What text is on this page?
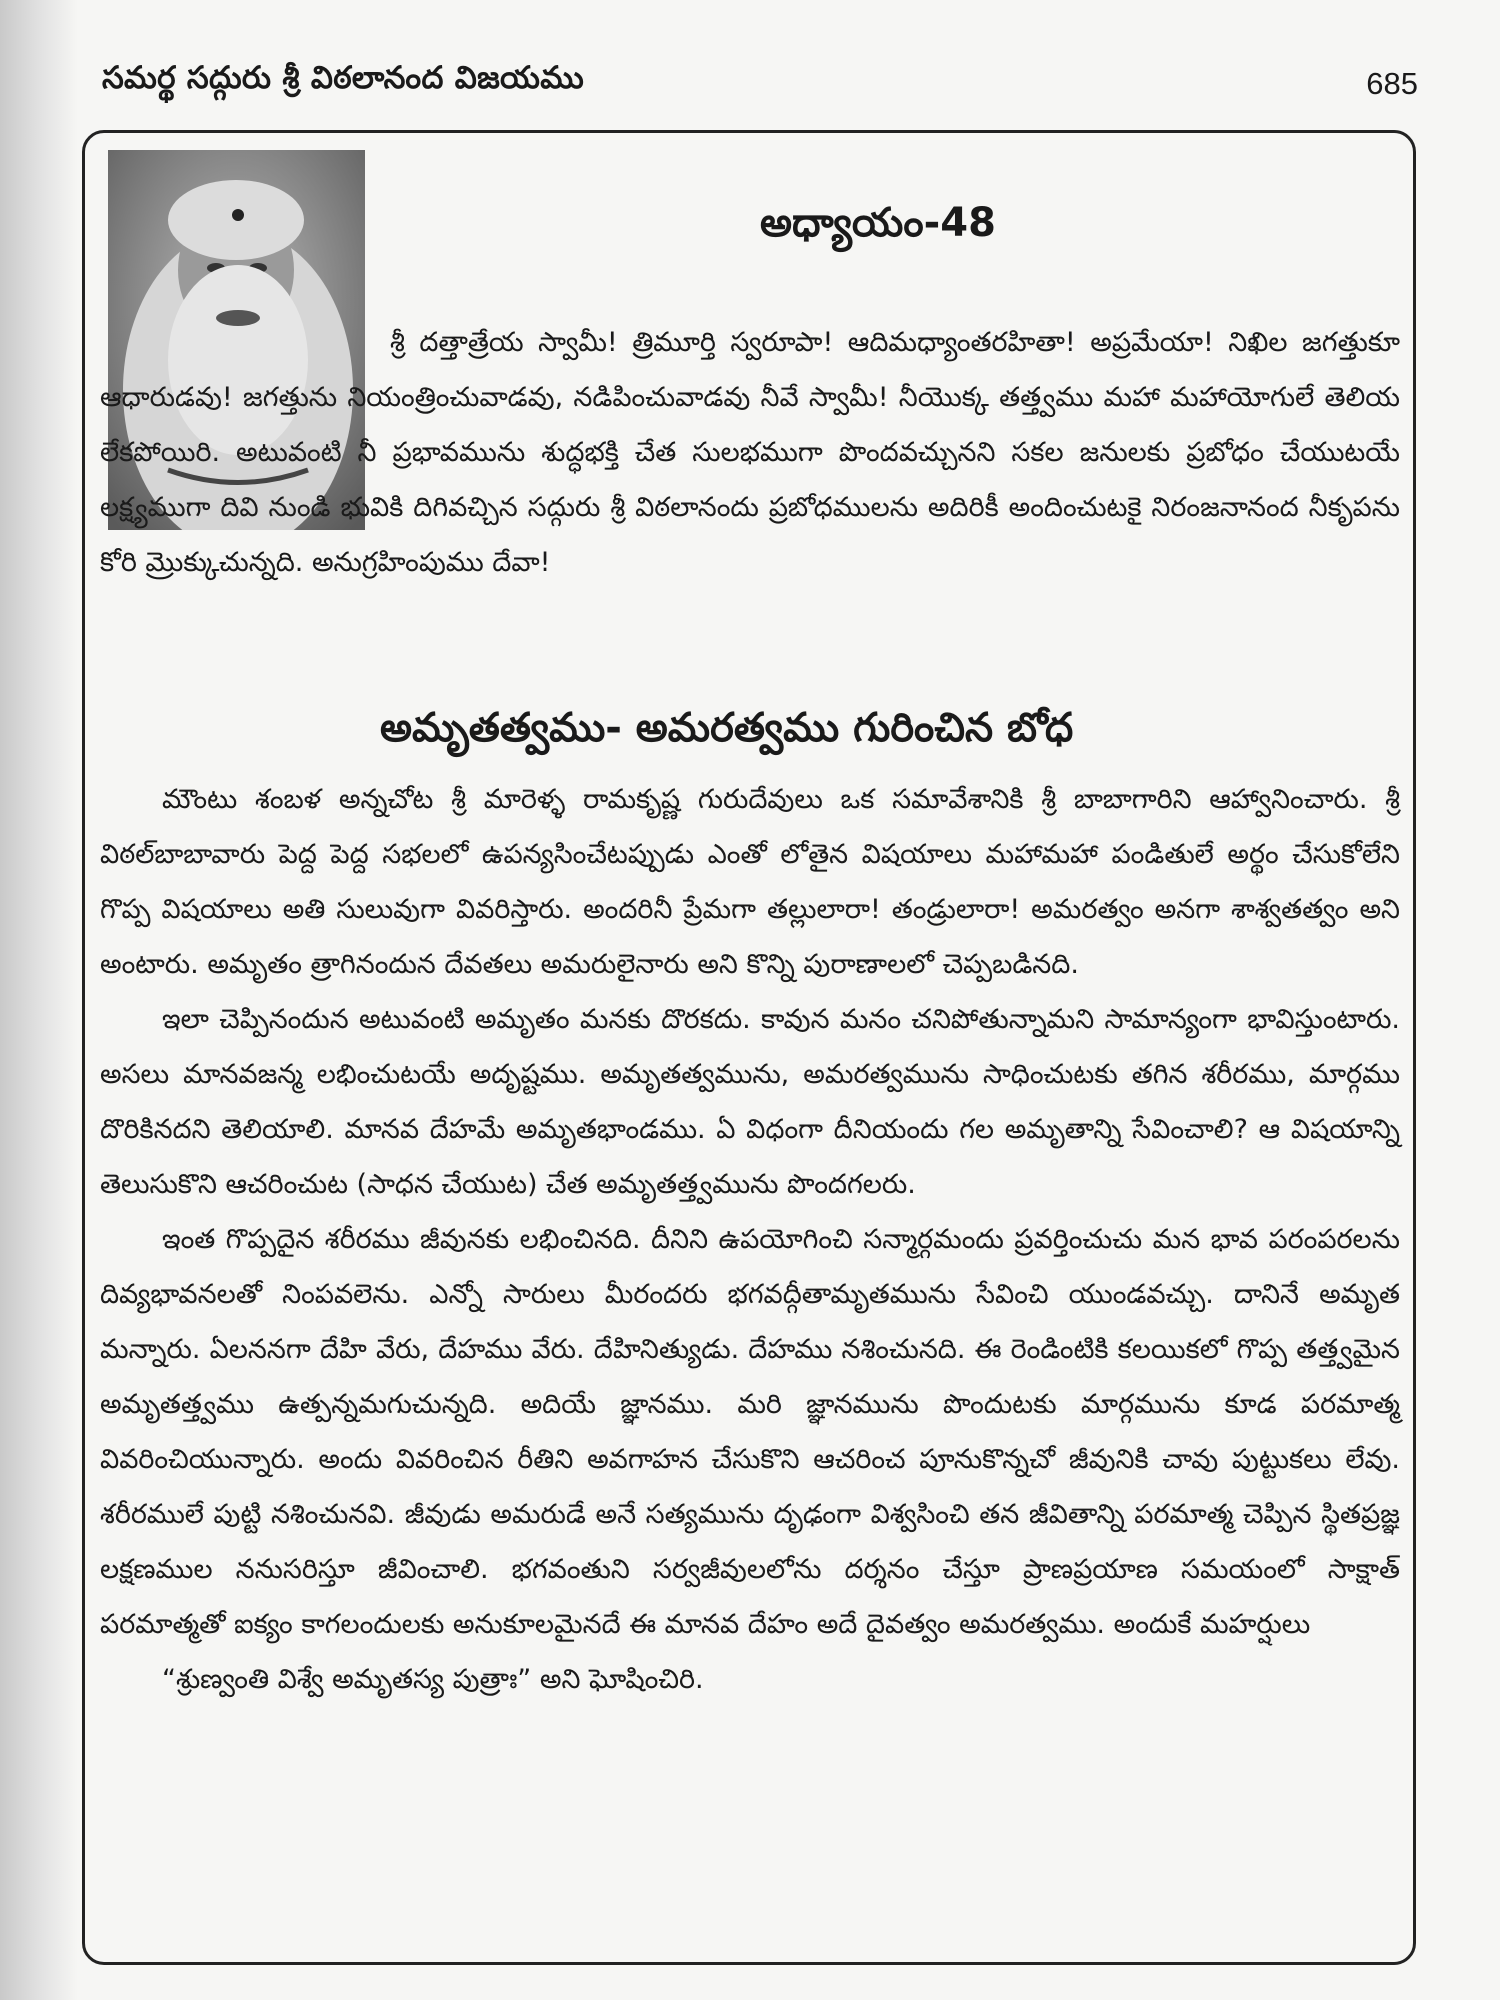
సమర్థ సద్గురు శ్రీ విఠలానంద విజయము	685
అధ్యాయం-48

శ్రీ దత్తాత్రేయ స్వామీ! త్రిమూర్తి స్వరూపా! ఆదిమధ్యాంతరహితా! అప్రమేయా! నిఖిల జగత్తుకూ ఆధారుడవు! జగత్తును నియంత్రించువాడవు, నడిపించువాడవు నీవే స్వామీ! నీయొక్క తత్త్వము మహా మహాయోగులే తెలియ లేకపోయిరి. అటువంటి నీ ప్రభావమును శుద్ధభక్తి చేత సులభముగా పొందవచ్చునని సకల జనులకు ప్రబోధం చేయుటయే లక్ష్యముగా దివి నుండి భువికి దిగివచ్చిన సద్గురు శ్రీ విఠలానందు ప్రబోధములను అదిరికీ అందించుటకై నిరంజనానంద నీకృపను కోరి మ్రొక్కుచున్నది. అనుగ్రహింపుము దేవా!

అమృతత్వము- అమరత్వము గురించిన బోధ

మౌంటు శంబళ అన్నచోట శ్రీ మారెళ్ళ రామకృష్ణ గురుదేవులు ఒక సమావేశానికి శ్రీ బాబాగారిని ఆహ్వానించారు. శ్రీ విఠల్‌బాబావారు పెద్ద పెద్ద సభలలో ఉపన్యసించేటప్పుడు ఎంతో లోతైన విషయాలు మహామహా పండితులే అర్థం చేసుకోలేని గొప్ప విషయాలు అతి సులువుగా వివరిస్తారు. అందరినీ ప్రేమగా తల్లులారా! తండ్రులారా! అమరత్వం అనగా శాశ్వతత్వం అని అంటారు. అమృతం త్రాగినందున దేవతలు అమరులైనారు అని కొన్ని పురాణాలలో చెప్పబడినది.

ఇలా చెప్పినందున అటువంటి అమృతం మనకు దొరకదు. కావున మనం చనిపోతున్నామని సామాన్యంగా భావిస్తుంటారు. అసలు మానవజన్మ లభించుటయే అదృష్టము. అమృతత్వమును, అమరత్వమును సాధించుటకు తగిన శరీరము, మార్గము దొరికినదని తెలియాలి. మానవ దేహమే అమృతభాండము. ఏ విధంగా దీనియందు గల అమృతాన్ని సేవించాలి? ఆ విషయాన్ని తెలుసుకొని ఆచరించుట (సాధన చేయుట) చేత అమృతత్త్వమును పొందగలరు.

ఇంత గొప్పదైన శరీరము జీవునకు లభించినది. దీనిని ఉపయోగించి సన్మార్గమందు ప్రవర్తించుచు మన భావ పరంపరలను దివ్యభావనలతో నింపవలెను. ఎన్నో సారులు మీరందరు భగవద్గీతామృతమును సేవించి యుండవచ్చు. దానినే అమృత మన్నారు. ఏలననగా దేహి వేరు, దేహము వేరు. దేహినిత్యుడు. దేహము నశించునది. ఈ రెండింటికి కలయికలో గొప్ప తత్త్వమైన అమృతత్త్వము ఉత్పన్నమగుచున్నది. అదియే జ్ఞానము. మరి జ్ఞానమును పొందుటకు మార్గమును కూడ పరమాత్మ వివరించియున్నారు. అందు వివరించిన రీతిని అవగాహన చేసుకొని ఆచరించ పూనుకొన్నచో జీవునికి చావు పుట్టుకలు లేవు. శరీరములే పుట్టి నశించునవి. జీవుడు అమరుడే అనే సత్యమును దృఢంగా విశ్వసించి తన జీవితాన్ని పరమాత్మ చెప్పిన స్థితప్రజ్ఞ లక్షణముల ననుసరిస్తూ జీవించాలి. భగవంతుని సర్వజీవులలోను దర్శనం చేస్తూ ప్రాణప్రయాణ సమయంలో సాక్షాత్ పరమాత్మతో ఐక్యం కాగలందులకు అనుకూలమైనదే ఈ మానవ దేహం అదే దైవత్వం అమరత్వము. అందుకే మహర్షులు

“శ్రుణ్వంతి విశ్వే అమృతస్య పుత్రాః” అని ఘోషించిరి.
